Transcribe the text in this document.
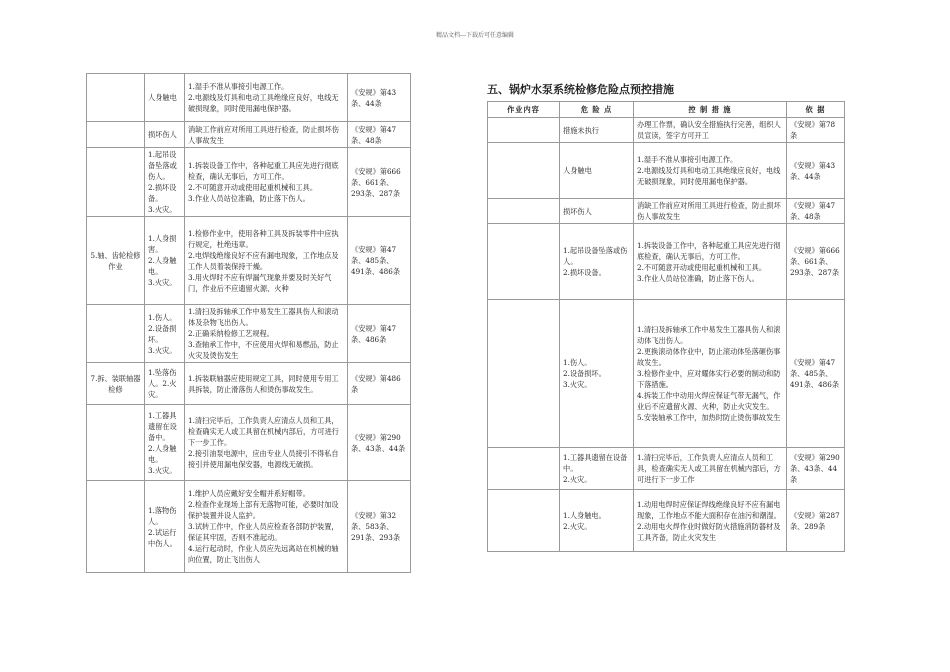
精品文档---下载后可任意编辑

	人身触电	1.湿手不准从事接引电源工作。
2.电源线及灯具和电动工具绝缘应良好，电线无破损现象，同时使用漏电保护器。	《安规》第43条、44条

	损坏伤人	消缺工作前应对所用工具进行检查，防止损坏伤人事故发生	《安规》第47条、48条

	1.起吊设备坠落或伤人。
2.损坏设备。
3.火灾。	1.拆装设备工作中，各种起重工具应先进行彻底检查，确认无事后，方可工作。
2.不可随意开动或使用起重机械和工具。
3.作业人员站位准确，防止落下伤人。	《安规》第666条、661条、293条、287条

5.轴、齿轮检修作业	1.人身损害。
2.人身触电。
3.火灾。	1.检修作业中，使用各种工具及拆装零件中应执行规定，杜绝违章。
2.电焊线绝缘良好不应有漏电现象，工作地点及工作人员着装保持干燥。
3.用火焊时不应有焊漏气现象并要及时关好气门，作业后不应遗留火源、火种	《安规》第47条、485条、491条、486条

	1.伤人。
2.设备损坏。
3.火灾。	1.清扫及拆轴承工作中易发生工器具伤人和滚动体及杂物飞出伤人。
2.正确采纳检修工艺规程。
3.查轴承工作中，不应使用火焊和易燃品，防止火灾及烫伤发生	《安规》第47条、486条

7.拆、装联轴器检修	1.坠落伤人。2.火灾。	1.拆装联轴器应使用规定工具，同时使用专用工具拆装，防止滑落伤人和烫伤事故发生。	《安规》第486条

	1.工器具遗留在设备中。
2.人身触电。
3.火灾。	1.清扫完毕后，工作负责人应清点人员和工具，检查确实无人或工具留在机械内部后，方可进行下一步工作。
2.接引油泵电源中，应由专业人员接引不得私自接引并使用漏电保安器，电源线无破损。	《安规》第290条、43条、44条

	1.落物伤人。
2.试运行中伤人。	1.维护人员应戴好安全帽并系好帽带。
2.检查作业现场上部有无落物可能，必要时加设保护装置并设人监护。
3.试转工作中，作业人员应检查各部防护装置，保证其牢固，否则不准起动。
4.运行起动时，作业人员应先远离站在机械的轴向位置，防止飞出伤人	《安规》第32条、583条、291条、293条
五、锅炉水泵系统检修危险点预控措施
作业内容	危 险 点	控 制 措 施	依 据

	措施未执行	办理工作票，确认安全措施执行完善，组织人员宣读，签字方可开工	《安规》第78条

	人身触电	1.湿手不准从事接引电源工作。
2.电源线及灯具和电动工具绝缘应良好，电线无破损现象，同时使用漏电保护器。	《安规》第43条、44条

	损坏伤人	消缺工作前应对所用工具进行检查，防止损坏伤人事故发生	《安规》第47条、48条

	1.起吊设备坠落或伤人。
2.损坏设备。	1.拆装设备工作中，各种起重工具应先进行彻底检查，确认无事后，方可工作。
2.不可随意开动或使用起重机械和工具。
3.作业人员站位准确，防止落下伤人。	《安规》第666条、661条、293条、287条

	1.伤人。
2.设备损坏。
3.火灾。	1.清扫及拆轴承工作中易发生工器具伤人和滚动体飞出伤人。
2.更换滚动体作业中，防止滚动体坠落砸伤事故发生。
3.检修作业中，应对耀体实行必要的制动和防下落措施。
4.拆装工作中动用火焊应保证气带无漏气，作业后不应遗留火源、火种，防止火灾发生。
5.安装轴承工作中，加热时防止烫伤事故发生	《安规》第47条、485条、491条、486条

	1.工器具遗留在设备中。
2.火灾。	1.清扫完毕后，工作负责人应清点人员和工具，检查确实无人或工具留在机械内部后，方可进行下一步工作	《安规》第290条、43条、44条

	1.人身触电。
2.火灾。	1.动用电焊时应保证焊线绝缘良好不应有漏电现象，工作地点不能大面积存在油污和潮湿。
2.动用电火焊作业时做好防火措施消防器材及工具齐备，防止火灾发生	《安规》第287条、289条
